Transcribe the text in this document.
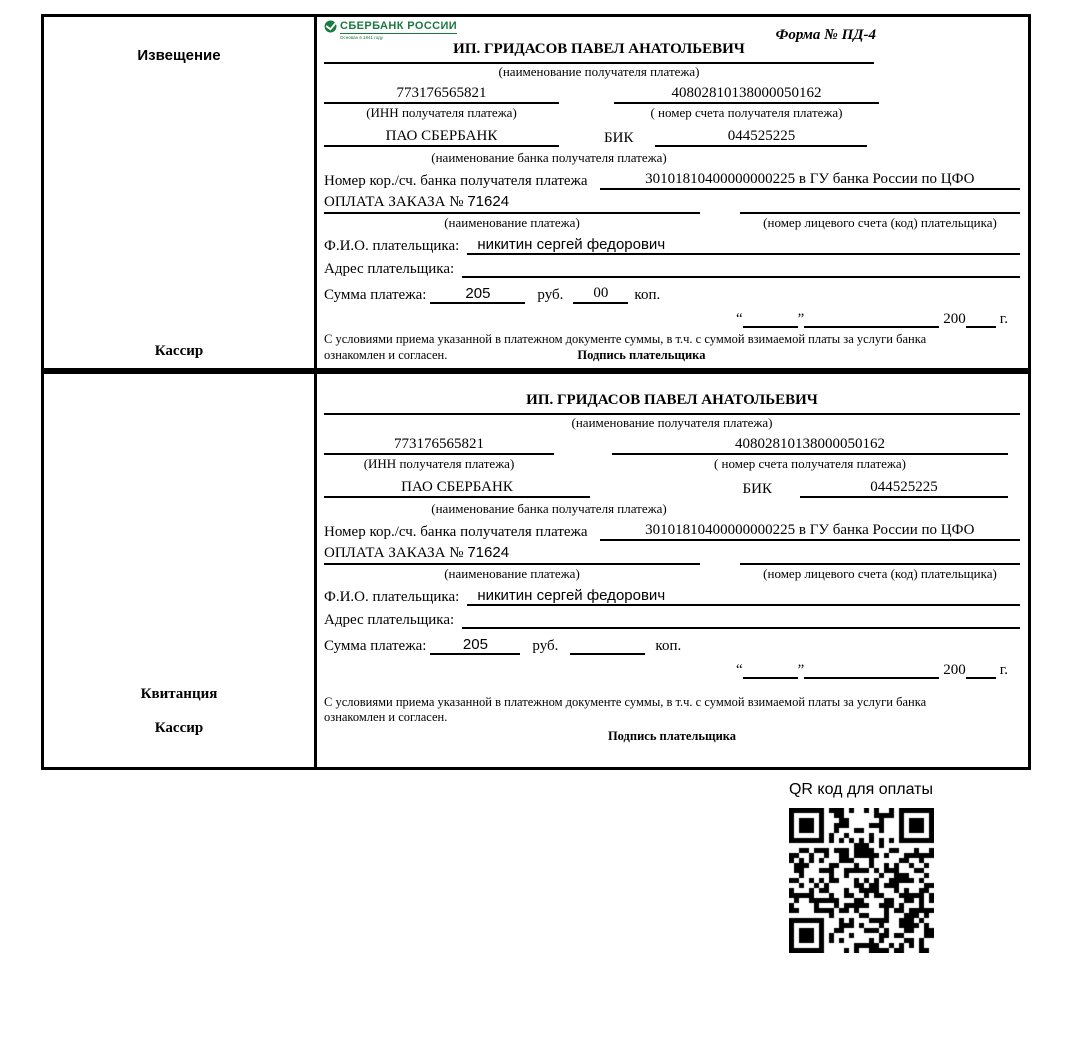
Извещение
Кассир
СБЕРБАНК РОССИИ
Основан в 1841 году	Форма № ПД-4
ИП. ГРИДАСОВ ПАВЕЛ АНАТОЛЬЕВИЧ
(наименование получателя платежа)
773176565821	40802810138000050162
(ИНН получателя платежа)	( номер счета получателя платежа)
ПАО СБЕРБАНК	БИК	044525225
(наименование банка получателя платежа)
Номер кор./сч. банка получателя платежа	30101810400000000225 в ГУ банка России по ЦФО
ОПЛАТА ЗАКАЗА № 71624
(наименование платежа)	(номер лицевого счета (код) плательщика)
Ф.И.О. плательщика:	никитин сергей федорович
Адрес плательщика:
Сумма платежа:	205	руб.	00	коп.
“	”	200 г.
С условиями приема указанной в платежном документе суммы, в т.ч. с суммой взимаемой платы за услуги банка
ознакомлен и согласен.	Подпись плательщика
Квитанция
Кассир
ИП. ГРИДАСОВ ПАВЕЛ АНАТОЛЬЕВИЧ
(наименование получателя платежа)
773176565821	40802810138000050162
(ИНН получателя платежа)	( номер счета получателя платежа)
ПАО СБЕРБАНК	БИК	044525225
(наименование банка получателя платежа)
Номер кор./сч. банка получателя платежа	30101810400000000225 в ГУ банка России по ЦФО
ОПЛАТА ЗАКАЗА № 71624
(наименование платежа)	(номер лицевого счета (код) плательщика)
Ф.И.О. плательщика:	никитин сергей федорович
Адрес плательщика:
Сумма платежа:	205	руб.	коп.
“	”	200 г.
С условиями приема указанной в платежном документе суммы, в т.ч. с суммой взимаемой платы за услуги банка
ознакомлен и согласен.
Подпись плательщика
QR код для оплаты
